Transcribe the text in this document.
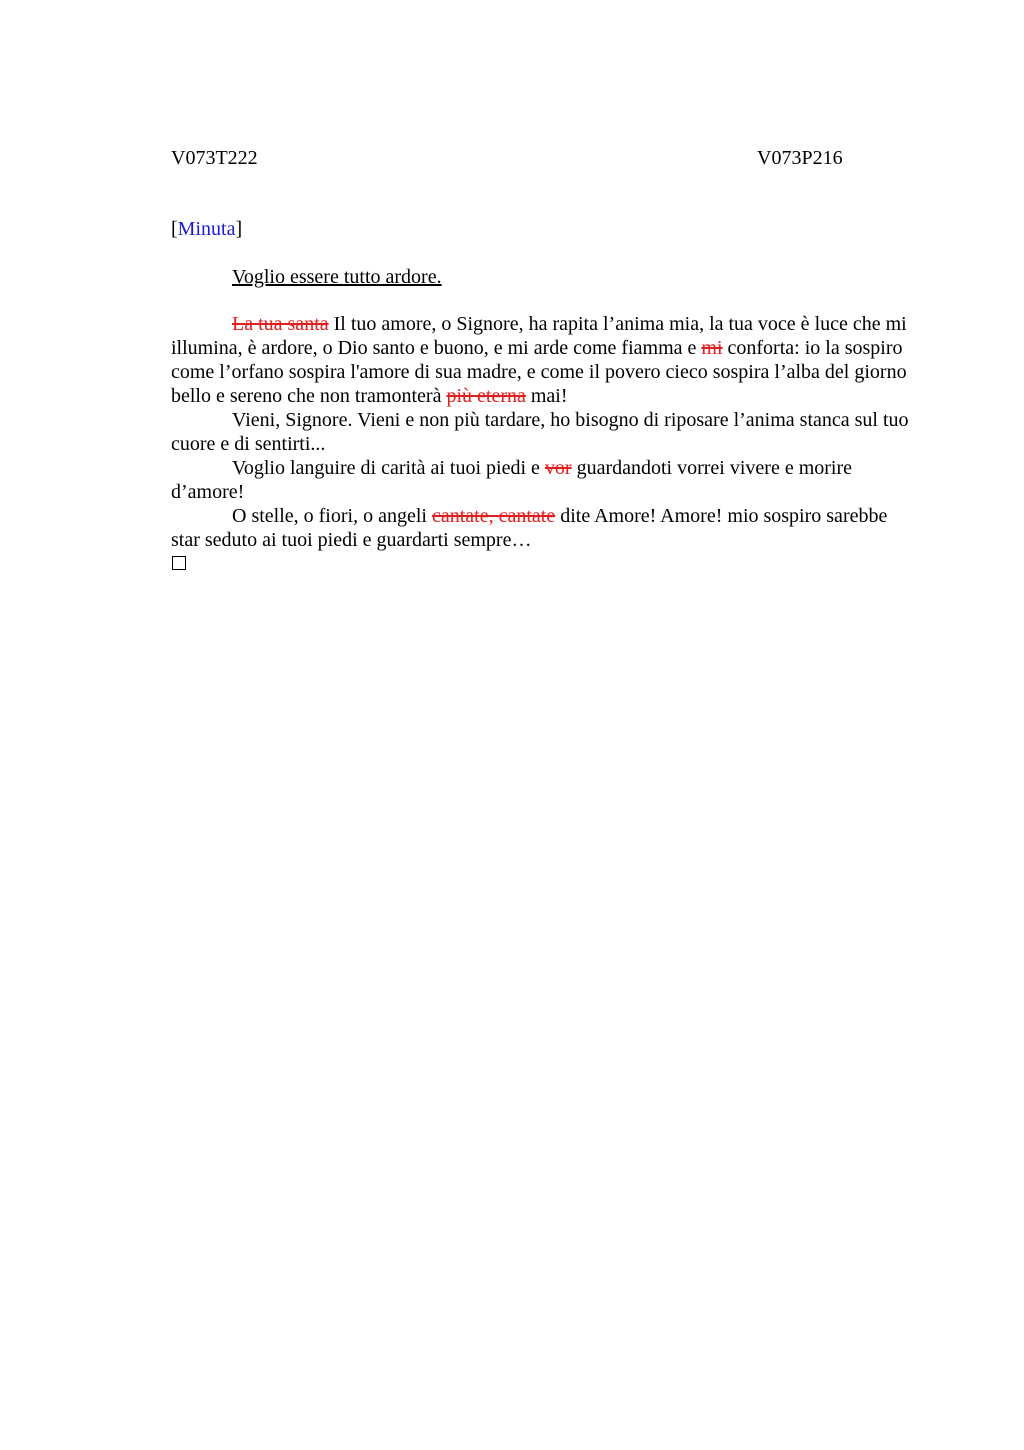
V073T222	V073P216
[Minuta]
Voglio essere tutto ardore.

La tua santa Il tuo amore, o Signore, ha rapita l’anima mia, la tua voce è luce che mi illumina, è ardore, o Dio santo e buono, e mi arde come fiamma e mi conforta: io la sospiro come l’orfano sospira l'amore di sua madre, e come il povero cieco sospira l’alba del giorno bello e sereno che non tramonterà più eterna mai!

Vieni, Signore. Vieni e non più tardare, ho bisogno di riposare l’anima stanca sul tuo cuore e di sentirti...

Voglio languire di carità ai tuoi piedi e vor guardandoti vorrei vivere e morire d’amore!

O stelle, o fiori, o angeli cantate, cantate dite Amore! Amore! mio sospiro sarebbe star seduto ai tuoi piedi e guardarti sempre…
